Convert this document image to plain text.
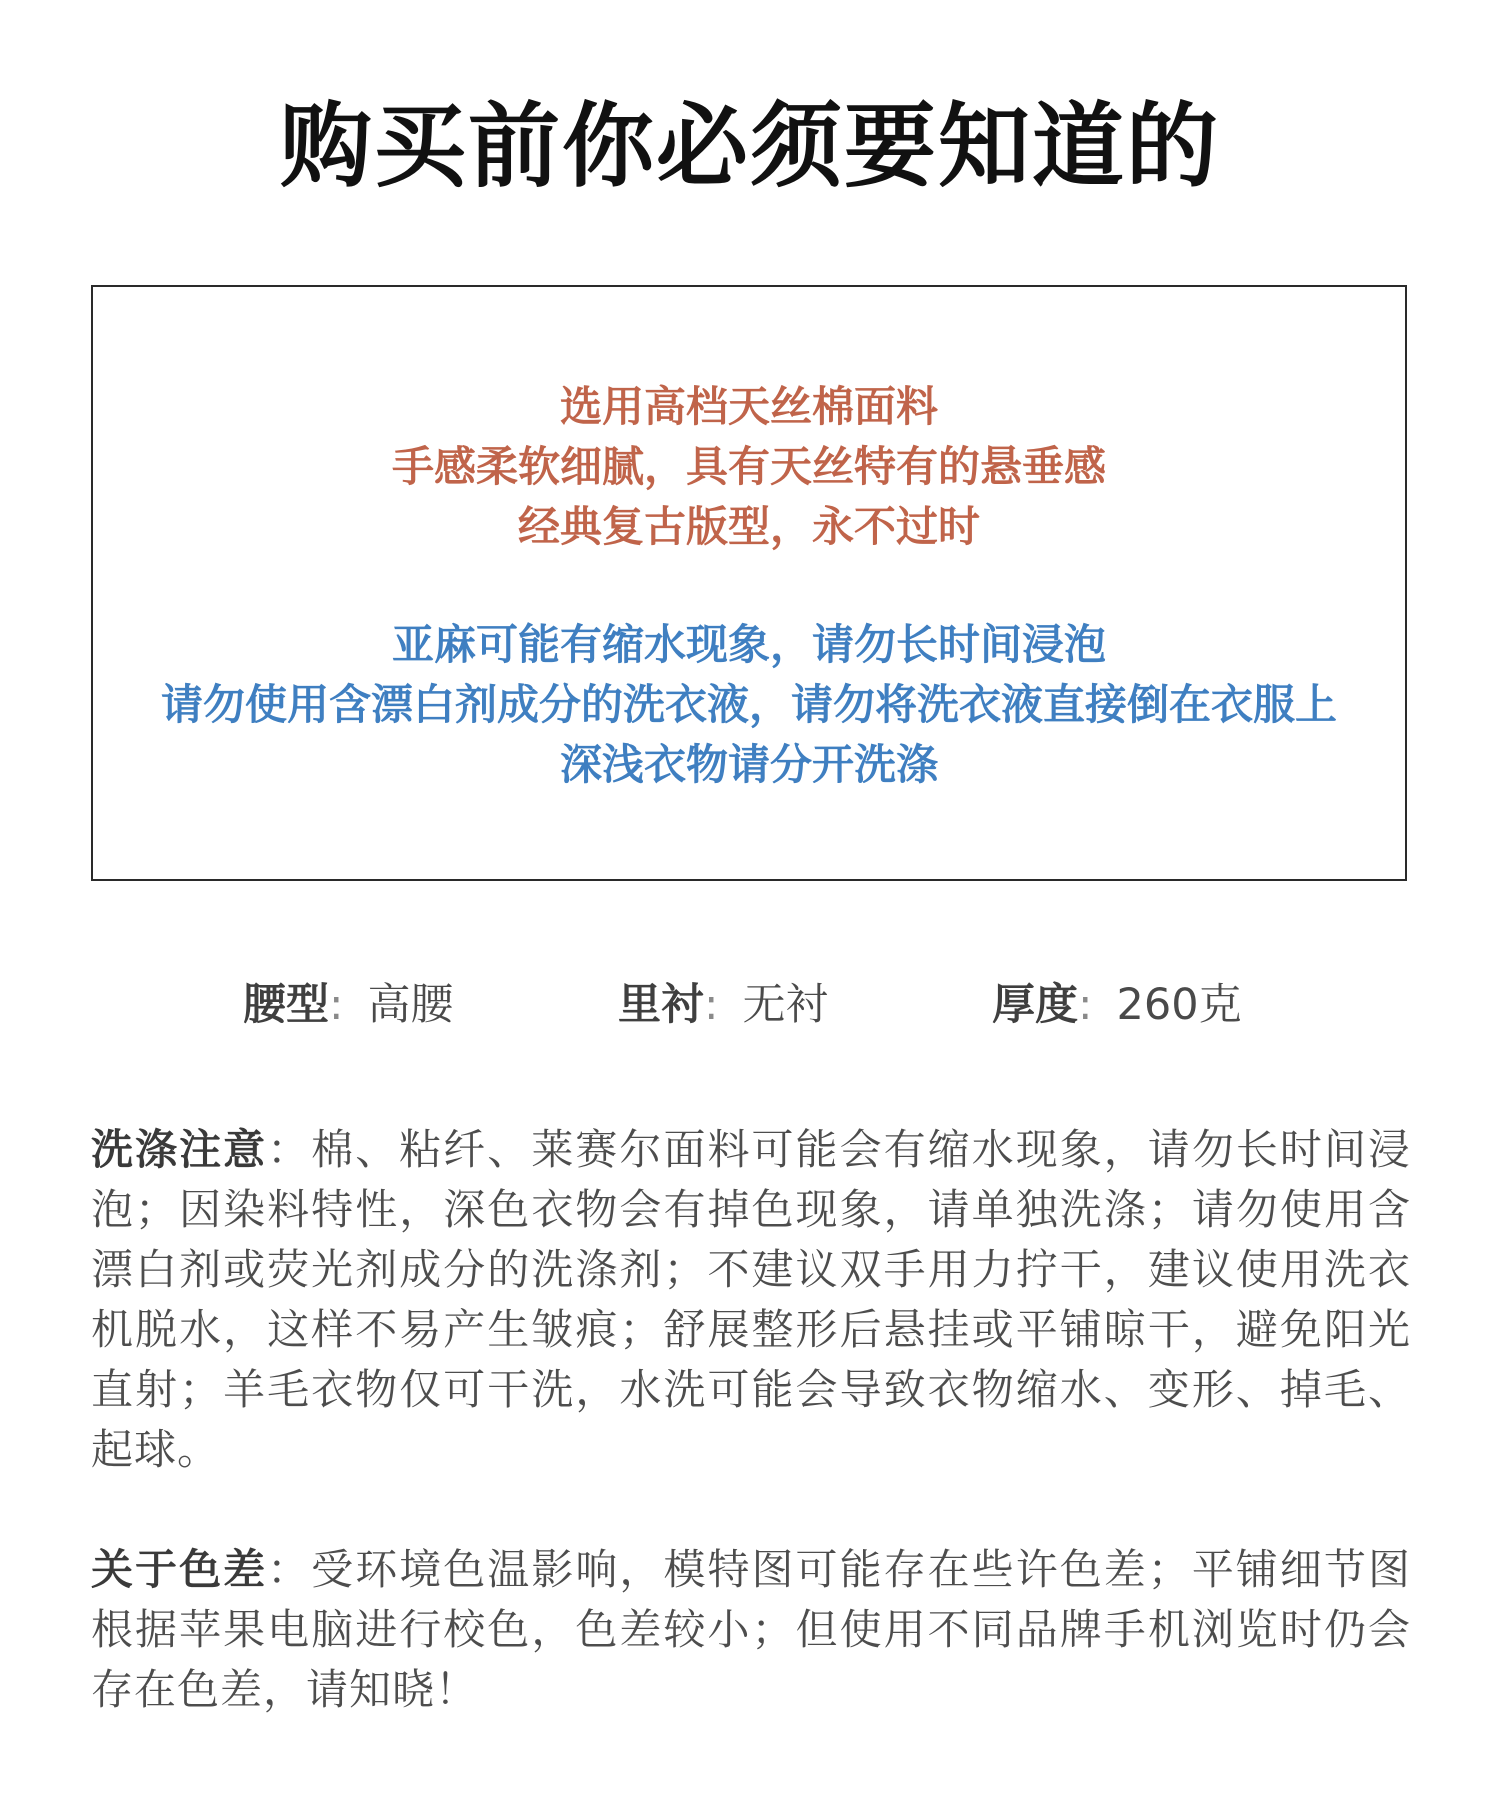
购买前你必须要知道的
选用高档天丝棉面料
手感柔软细腻，具有天丝特有的悬垂感
经典复古版型，永不过时
亚麻可能有缩水现象，请勿长时间浸泡
请勿使用含漂白剂成分的洗衣液，请勿将洗衣液直接倒在衣服上
深浅衣物请分开洗涤
腰型: 高腰	里衬: 无衬	厚度: 260克
洗涤注意：棉、粘纤、莱赛尔面料可能会有缩水现象，请勿长时间浸泡；因染料特性，深色衣物会有掉色现象，请单独洗涤；请勿使用含漂白剂或荧光剂成分的洗涤剂；不建议双手用力拧干，建议使用洗衣机脱水，这样不易产生皱痕；舒展整形后悬挂或平铺晾干，避免阳光直射；羊毛衣物仅可干洗，水洗可能会导致衣物缩水、变形、掉毛、起球。
关于色差：受环境色温影响，模特图可能存在些许色差；平铺细节图根据苹果电脑进行校色，色差较小；但使用不同品牌手机浏览时仍会存在色差，请知晓！
